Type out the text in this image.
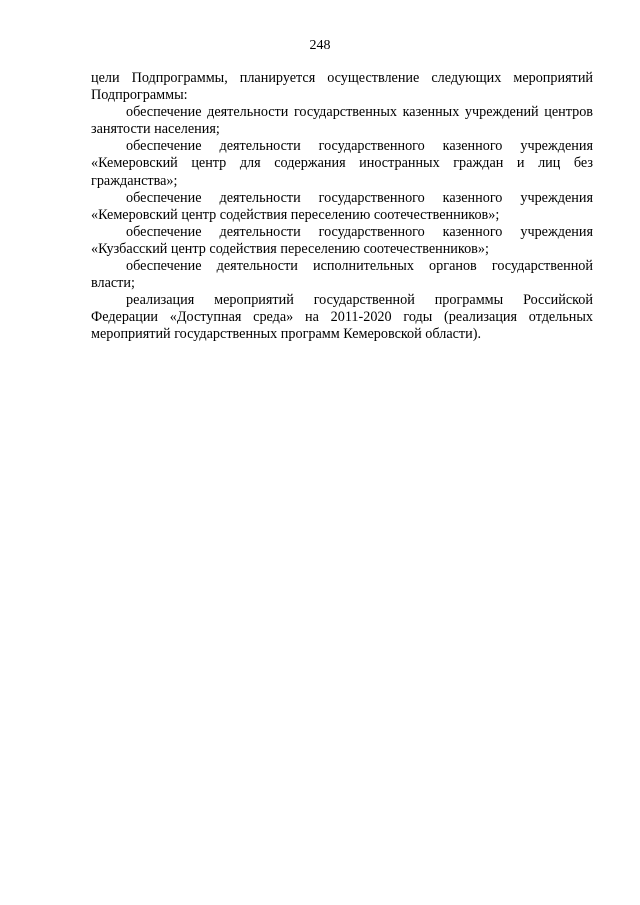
248

цели Подпрограммы, планируется осуществление следующих мероприятий Подпрограммы:

обеспечение деятельности государственных казенных учреждений центров занятости населения;

обеспечение деятельности государственного казенного учреждения «Кемеровский центр для содержания иностранных граждан и лиц без гражданства»;

обеспечение деятельности государственного казенного учреждения «Кемеровский центр содействия переселению соотечественников»;

обеспечение деятельности государственного казенного учреждения «Кузбасский центр содействия переселению соотечественников»;

обеспечение деятельности исполнительных органов государственной власти;

реализация мероприятий государственной программы Российской Федерации «Доступная среда» на 2011-2020 годы (реализация отдельных мероприятий государственных программ Кемеровской области).
